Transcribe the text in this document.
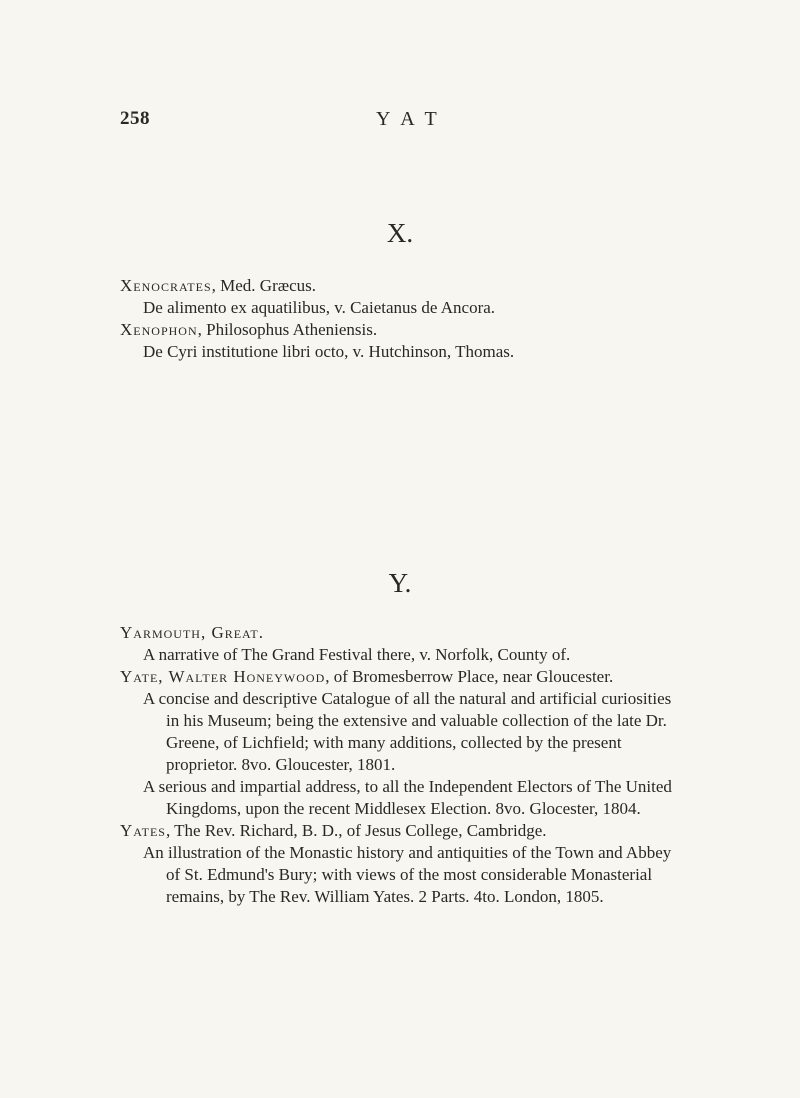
258	YAT
X.
Xenocrates, Med. Græcus.
De alimento ex aquatilibus, v. Caietanus de Ancora.
Xenophon, Philosophus Atheniensis.
De Cyri institutione libri octo, v. Hutchinson, Thomas.
Y.
Yarmouth, Great.
A narrative of The Grand Festival there, v. Norfolk, County of.
Yate, Walter Honeywood, of Bromesberrow Place, near Gloucester.
A concise and descriptive Catalogue of all the natural and artificial curiosities in his Museum; being the extensive and valuable collection of the late Dr. Greene, of Lichfield; with many additions, collected by the present proprietor. 8vo. Gloucester, 1801.
A serious and impartial address, to all the Independent Electors of The United Kingdoms, upon the recent Middlesex Election. 8vo. Glocester, 1804.
Yates, The Rev. Richard, B. D., of Jesus College, Cambridge.
An illustration of the Monastic history and antiquities of the Town and Abbey of St. Edmund's Bury; with views of the most considerable Monasterial remains, by The Rev. William Yates. 2 Parts. 4to. London, 1805.
